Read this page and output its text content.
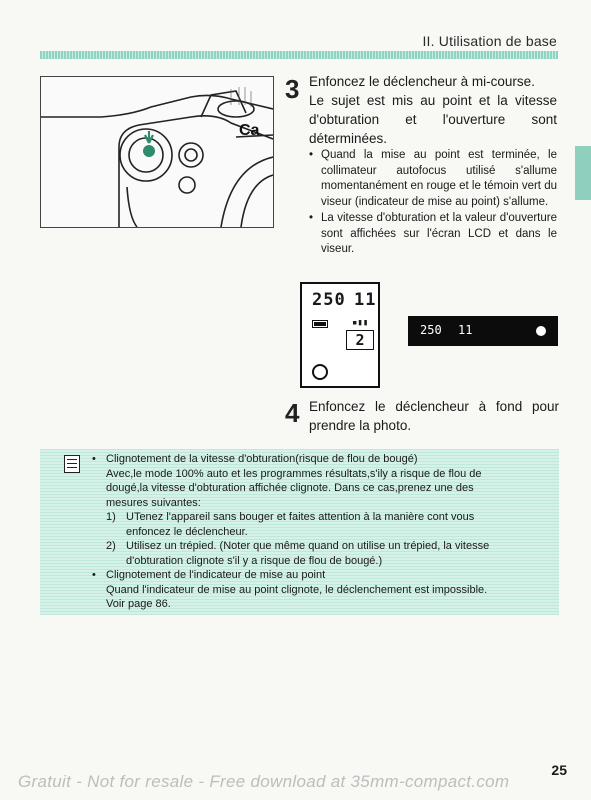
II. Utilisation de base
Ca
3 Enfoncez le déclencheur à mi-course.
Le sujet est mis au point et la vitesse
d'obturation et l'ouverture sont
déterminées.
• Quand la mise au point est terminée, le collimateur autofocus utilisé s'allume momentanément en rouge et le témoin vert du viseur (indicateur de mise au point) s'allume.
• La vitesse d'obturation et la valeur d'ouverture sont affichées sur l'écran LCD et dans le viseur.
250 11
▪▮▮
2
250 11
4 Enfoncez le déclencheur à fond pour
prendre la photo.
• Clignotement de la vitesse d'obturation(risque de flou de bougé)
Avec,le mode 100% auto et les programmes résultats,s'ily a risque de flou de
dougé,la vitesse d'obturation affichée clignote. Dans ce cas,prenez une des
mesures suivantes:
1) UTenez l'appareil sans bouger et faites attention à la manière cont vous
enfoncez le déclencheur.
2) Utilisez un trépied. (Noter que même quand on utilise un trépied, la vitesse
d'obturation clignote s'il y a risque de flou de bougé.)
• Clignotement de l'indicateur de mise au point
Quand l'indicateur de mise au point clignote, le déclenchement est impossible.
Voir page 86.
25
Gratuit - Not for resale - Free download at 35mm-compact.com
